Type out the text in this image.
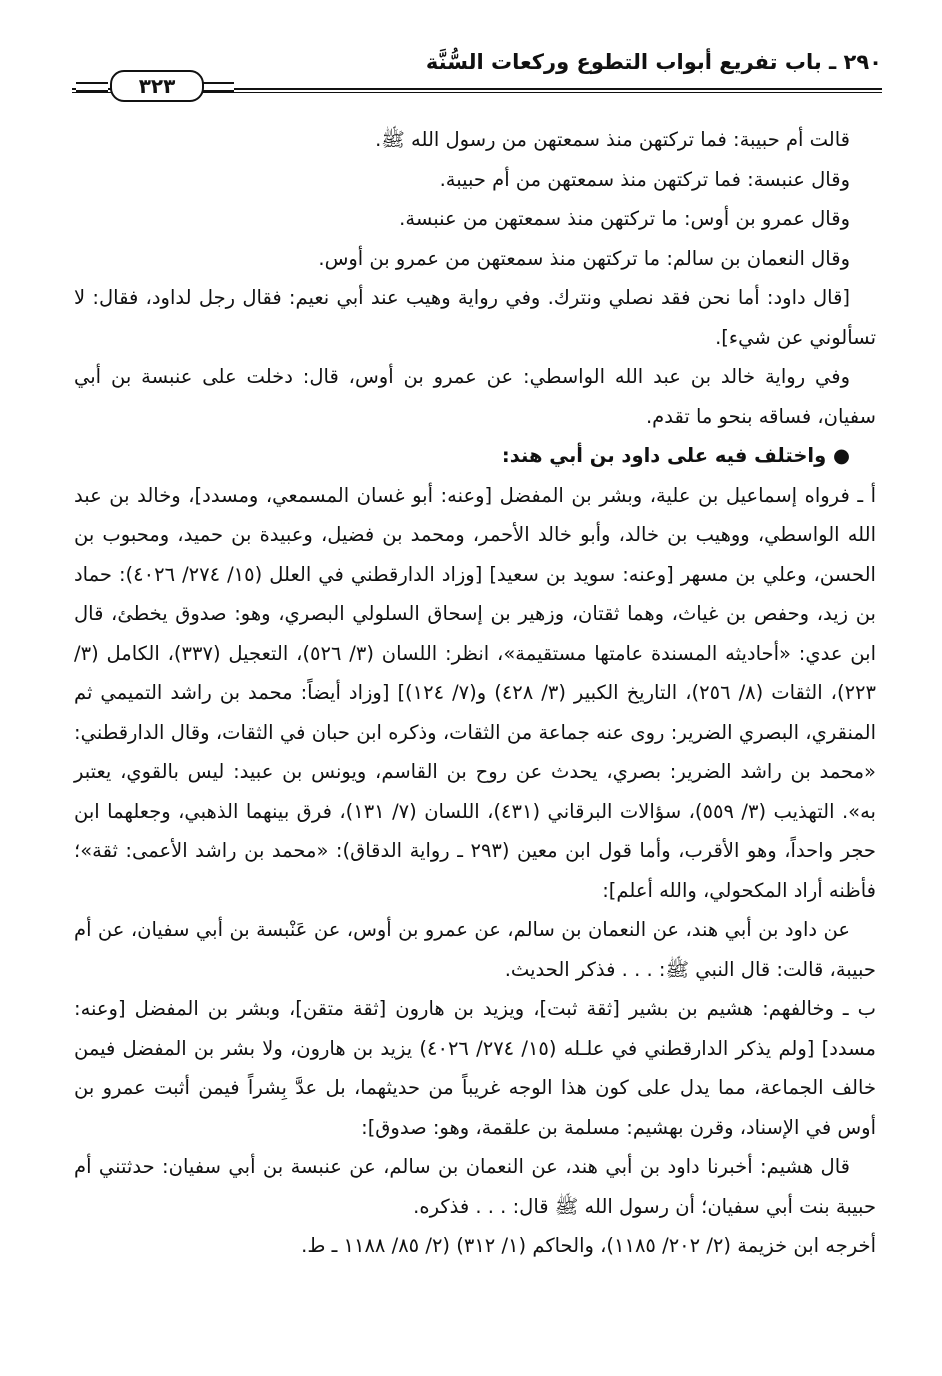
٢٩٠ ـ باب تفريع أبواب التطوع وركعات السُّنَّة
٣٢٣

قالت أم حبيبة: فما تركتهن منذ سمعتهن من رسول الله ﷺ.

وقال عنبسة: فما تركتهن منذ سمعتهن من أم حبيبة.

وقال عمرو بن أوس: ما تركتهن منذ سمعتهن من عنبسة.

وقال النعمان بن سالم: ما تركتهن منذ سمعتهن من عمرو بن أوس.

[قال داود: أما نحن فقد نصلي ونترك. وفي رواية وهيب عند أبي نعيم: فقال رجل لداود، فقال: لا تسألوني عن شيء].

وفي رواية خالد بن عبد الله الواسطي: عن عمرو بن أوس، قال: دخلت على عنبسة بن أبي سفيان، فساقه بنحو ما تقدم.

● واختلف فيه على داود بن أبي هند:

أ ـ فرواه إسماعيل بن علية، وبشر بن المفضل [وعنه: أبو غسان المسمعي، ومسدد]، وخالد بن عبد الله الواسطي، ووهيب بن خالد، وأبو خالد الأحمر، ومحمد بن فضيل، وعبيدة بن حميد، ومحبوب بن الحسن، وعلي بن مسهر [وعنه: سويد بن سعيد] [وزاد الدارقطني في العلل (١٥/ ٢٧٤/ ٤٠٢٦): حماد بن زيد، وحفص بن غياث، وهما ثقتان، وزهير بن إسحاق السلولي البصري، وهو: صدوق يخطئ، قال ابن عدي: «أحاديثه المسندة عامتها مستقيمة»، انظر: اللسان (٣/ ٥٢٦)، التعجيل (٣٣٧)، الكامل (٣/ ٢٢٣)، الثقات (٨/ ٢٥٦)، التاريخ الكبير (٣/ ٤٢٨) و(٧/ ١٢٤)] [وزاد أيضاً: محمد بن راشد التميمي ثم المنقري، البصري الضرير: روى عنه جماعة من الثقات، وذكره ابن حبان في الثقات، وقال الدارقطني: «محمد بن راشد الضرير: بصري، يحدث عن روح بن القاسم، ويونس بن عبيد: ليس بالقوي، يعتبر به». التهذيب (٣/ ٥٥٩)، سؤالات البرقاني (٤٣١)، اللسان (٧/ ١٣١)، فرق بينهما الذهبي، وجعلهما ابن حجر واحداً، وهو الأقرب، وأما قول ابن معين (٢٩٣ ـ رواية الدقاق): «محمد بن راشد الأعمى: ثقة»؛ فأظنه أراد المكحولي، والله أعلم]:

عن داود بن أبي هند، عن النعمان بن سالم، عن عمرو بن أوس، عن عَنْبسة بن أبي سفيان، عن أم حبيبة، قالت: قال النبي ﷺ: . . . فذكر الحديث.

ب ـ وخالفهم: هشيم بن بشير [ثقة ثبت]، ويزيد بن هارون [ثقة متقن]، وبشر بن المفضل [وعنه: مسدد] [ولم يذكر الدارقطني في علـله (١٥/ ٢٧٤/ ٤٠٢٦) يزيد بن هارون، ولا بشر بن المفضل فيمن خالف الجماعة، مما يدل على كون هذا الوجه غريباً من حديثهما، بل عدَّ بِشراً فيمن أثبت عمرو بن أوس في الإسناد، وقرن بهشيم: مسلمة بن علقمة، وهو: صدوق]:

قال هشيم: أخبرنا داود بن أبي هند، عن النعمان بن سالم، عن عنبسة بن أبي سفيان: حدثتني أم حبيبة بنت أبي سفيان؛ أن رسول الله ﷺ قال: . . . فذكره.

أخرجه ابن خزيمة (٢/ ٢٠٢/ ١١٨٥)، والحاكم (١/ ٣١٢) (٢/ ٨٥/ ١١٨٨ ـ ط.
